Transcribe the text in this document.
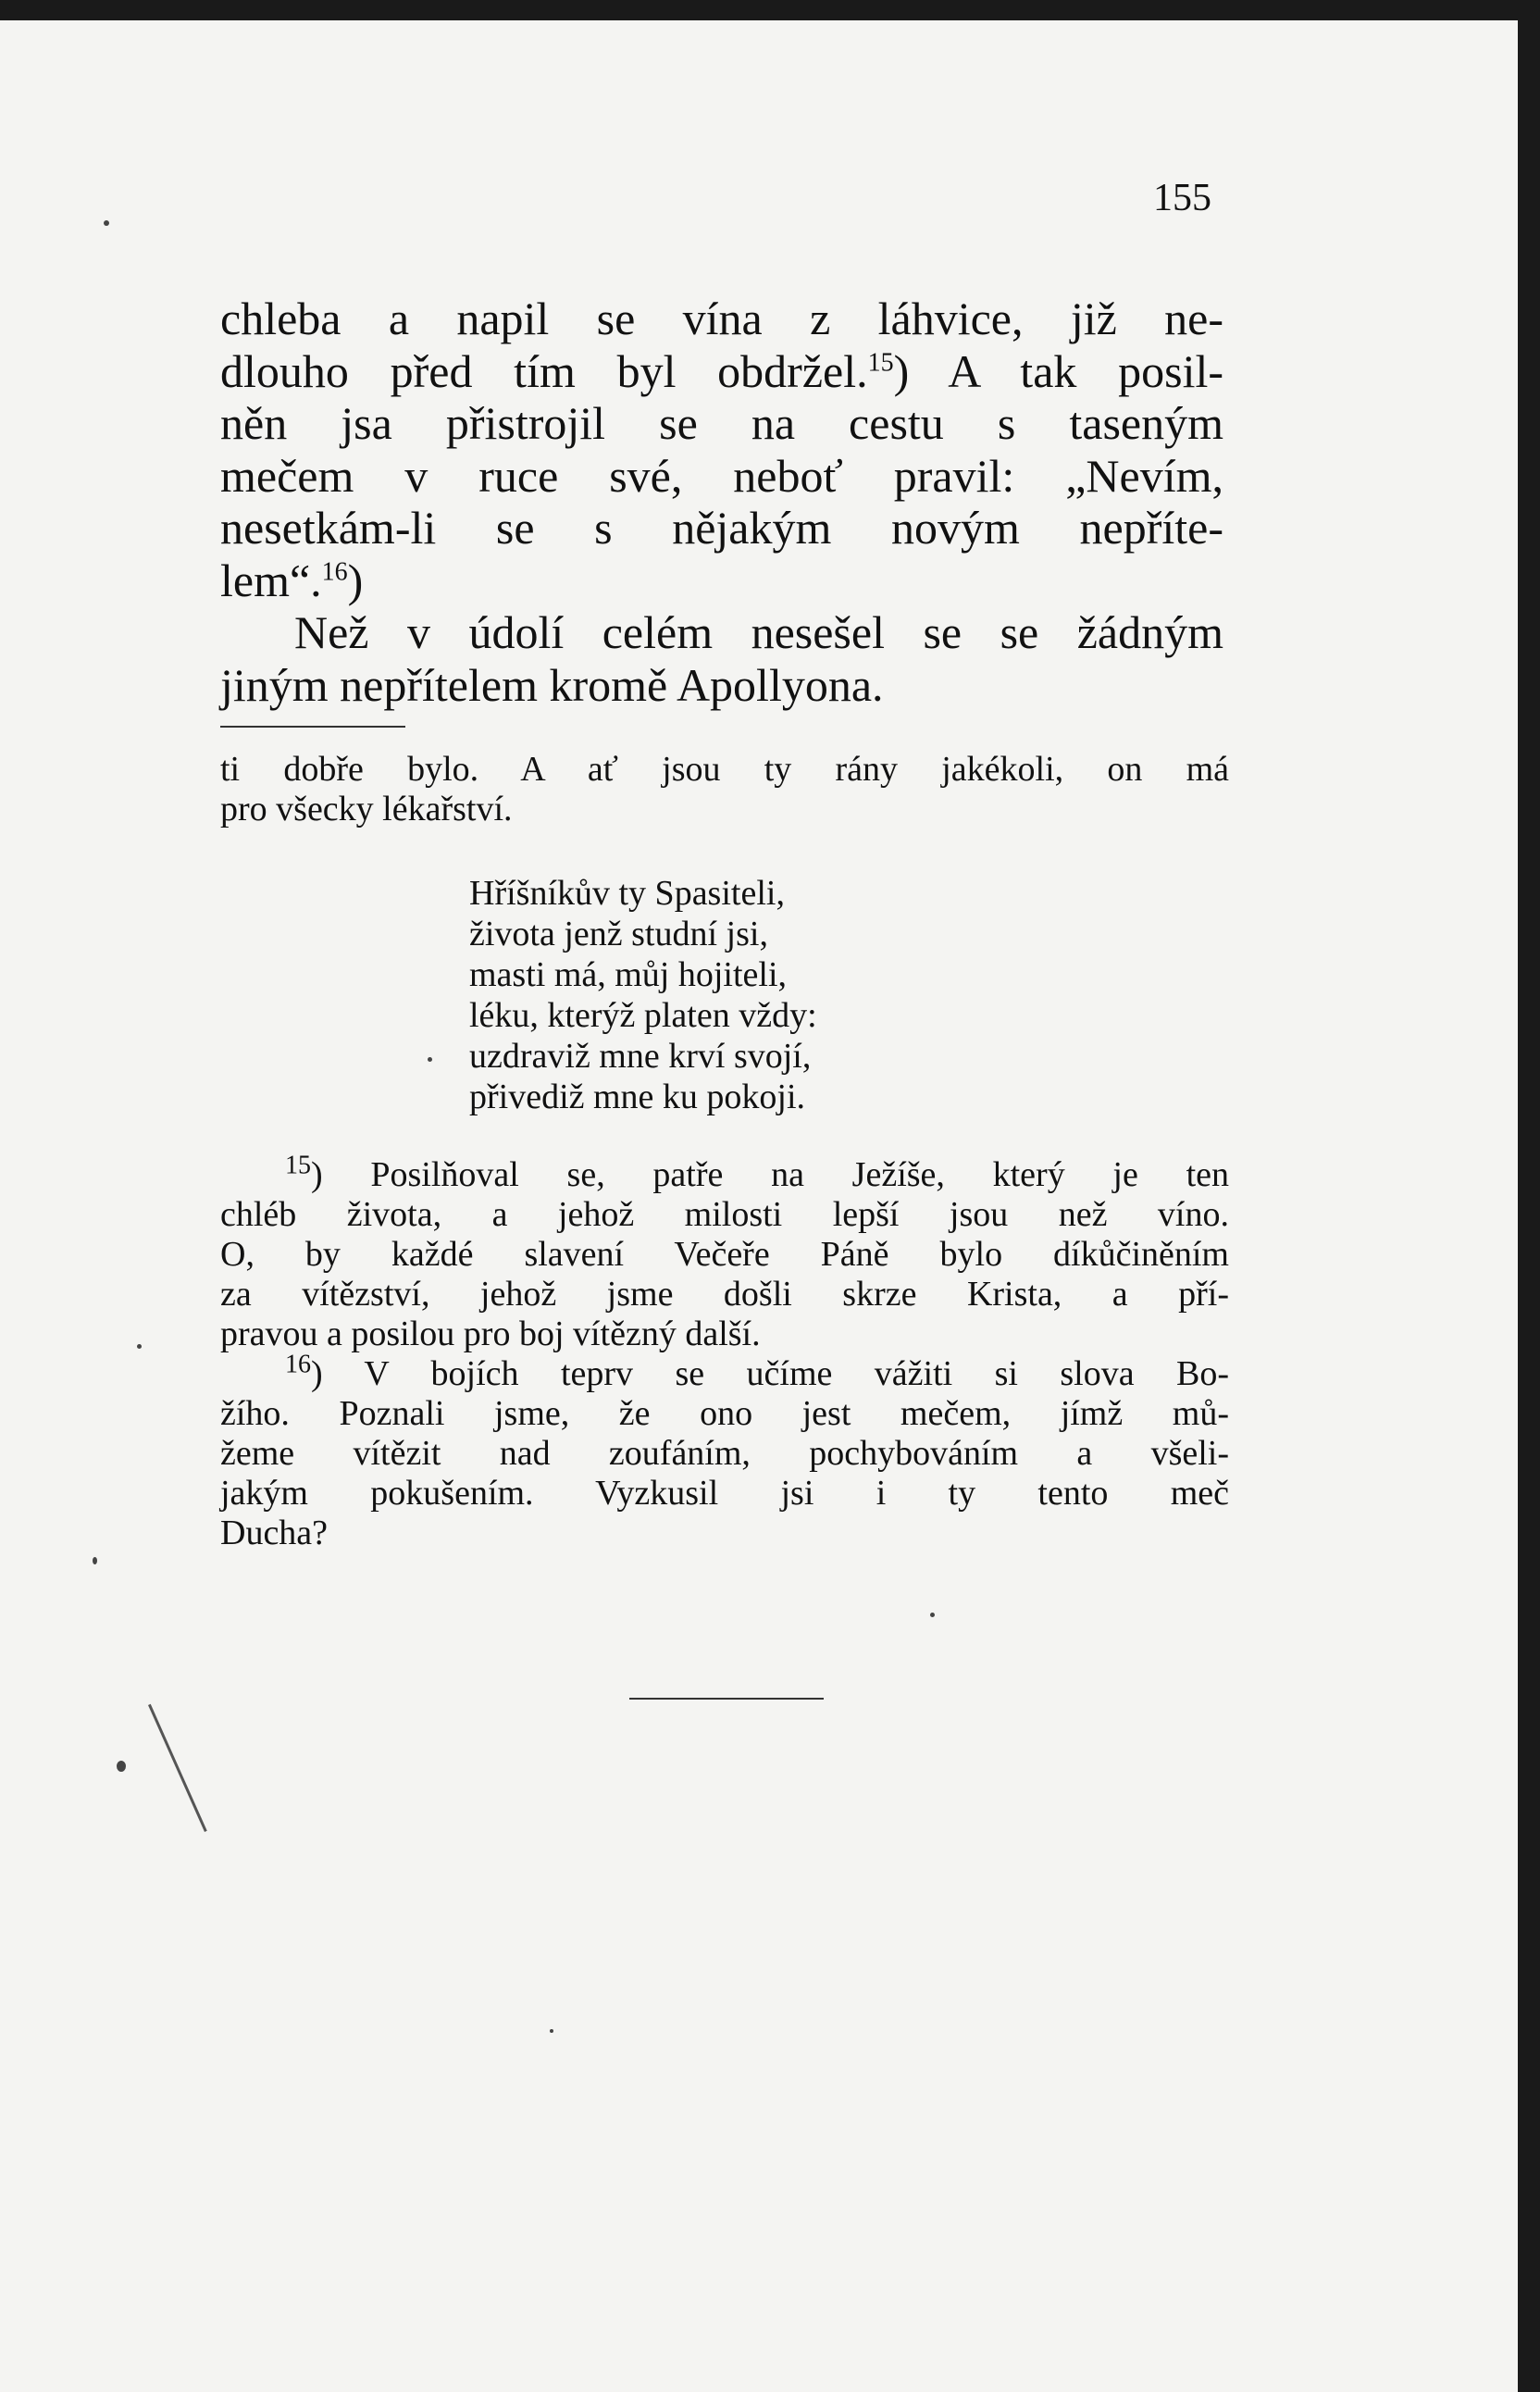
155

chleba a napil se vína z láhvice, již ne-
dlouho před tím byl obdržel.$^{15}$) A tak posil-
něn jsa přistrojil se na cestu s taseným
mečem v ruce své, neboť pravil: „Nevím,
nesetkám-li se s nějakým novým nepříte-
lem“.$^{16}$)

Než v údolí celém nesešel se se žádným
jiným nepřítelem kromě Apollyona.

ti dobře bylo. A ať jsou ty rány jakékoli, on má
pro všecky lékařství.
Hříšníkův ty Spasiteli,
života jenž studní jsi,
masti má, můj hojiteli,
léku, kterýž platen vždy:
uzdraviž mne krví svojí,
přivediž mne ku pokoji.

$^{15}$) Posilňoval se, patře na Ježíše, který je ten
chléb života, a jehož milosti lepší jsou než víno.
O, by každé slavení Večeře Páně bylo díkůčiněním
za vítězství, jehož jsme došli skrze Krista, a pří-
pravou a posilou pro boj vítězný další.

$^{16}$) V bojích teprv se učíme vážiti si slova Bo-
žího. Poznali jsme, že ono jest mečem, jímž mů-
žeme vítězit nad zoufáním, pochybováním a všeli-
jakým pokušením. Vyzkusil jsi i ty tento meč
Ducha?
